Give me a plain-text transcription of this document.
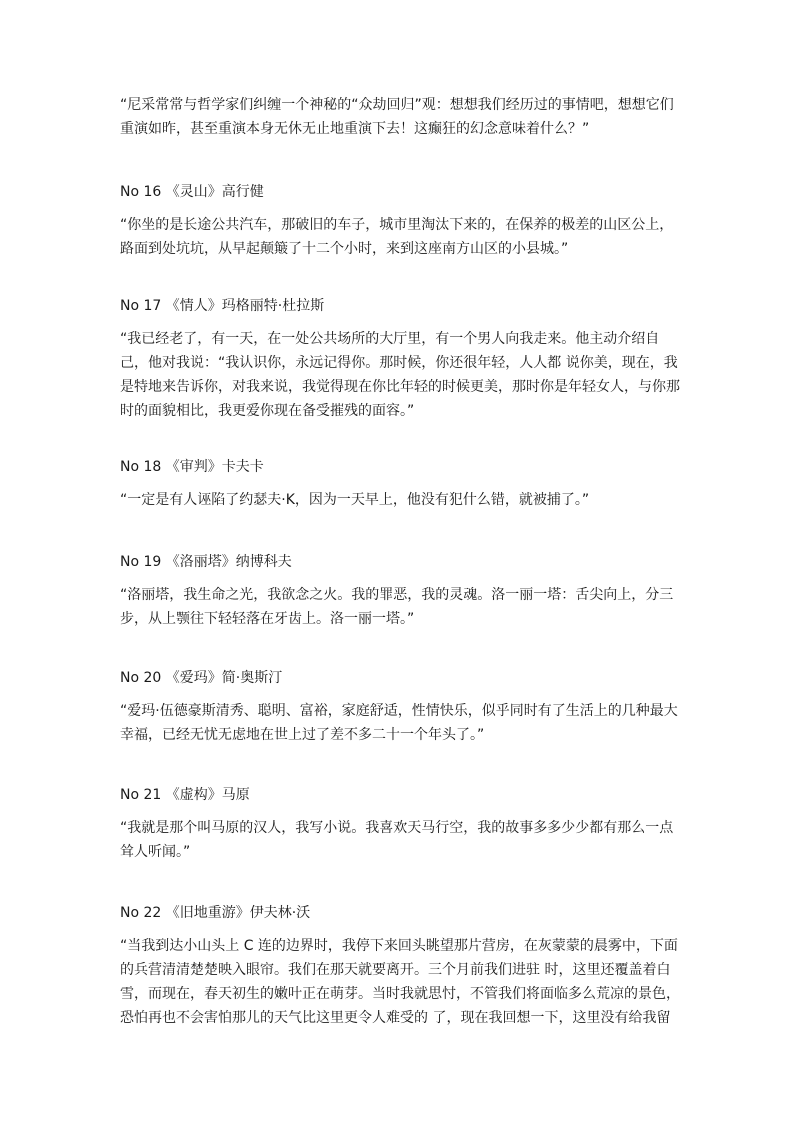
“尼采常常与哲学家们纠缠一个神秘的“众劫回归”观：想想我们经历过的事情吧，想想它们重演如昨，甚至重演本身无休无止地重演下去！这癫狂的幻念意味着什么？”

No 16 《灵山》高行健

“你坐的是长途公共汽车，那破旧的车子，城市里淘汰下来的，在保养的极差的山区公上，路面到处坑坑，从早起颠簸了十二个小时，来到这座南方山区的小县城。”

No 17 《情人》玛格丽特·杜拉斯

“我已经老了，有一天，在一处公共场所的大厅里，有一个男人向我走来。他主动介绍自己，他对我说：“我认识你，永远记得你。那时候，你还很年轻，人人都 说你美，现在，我是特地来告诉你，对我来说，我觉得现在你比年轻的时候更美，那时你是年轻女人，与你那时的面貌相比，我更爱你现在备受摧残的面容。”

No 18 《审判》卡夫卡

“一定是有人诬陷了约瑟夫·K，因为一天早上，他没有犯什么错，就被捕了。”

No 19 《洛丽塔》纳博科夫

“洛丽塔，我生命之光，我欲念之火。我的罪恶，我的灵魂。洛一丽一塔：舌尖向上，分三步，从上颚往下轻轻落在牙齿上。洛一丽一塔。”

No 20 《爱玛》简·奥斯汀

“爱玛·伍德豪斯清秀、聪明、富裕，家庭舒适，性情快乐，似乎同时有了生活上的几种最大幸福，已经无忧无虑地在世上过了差不多二十一个年头了。”

No 21 《虚构》马原

“我就是那个叫马原的汉人，我写小说。我喜欢天马行空，我的故事多多少少都有那么一点耸人听闻。”

No 22 《旧地重游》伊夫林·沃

“当我到达小山头上 C 连的边界时，我停下来回头眺望那片营房，在灰蒙蒙的晨雾中，下面的兵营清清楚楚映入眼帘。我们在那天就要离开。三个月前我们进驻 时，这里还覆盖着白雪，而现在，春天初生的嫩叶正在萌芽。当时我就思忖，不管我们将面临多么荒凉的景色，恐怕再也不会害怕那儿的天气比这里更令人难受的 了，现在我回想一下，这里没有给我留
